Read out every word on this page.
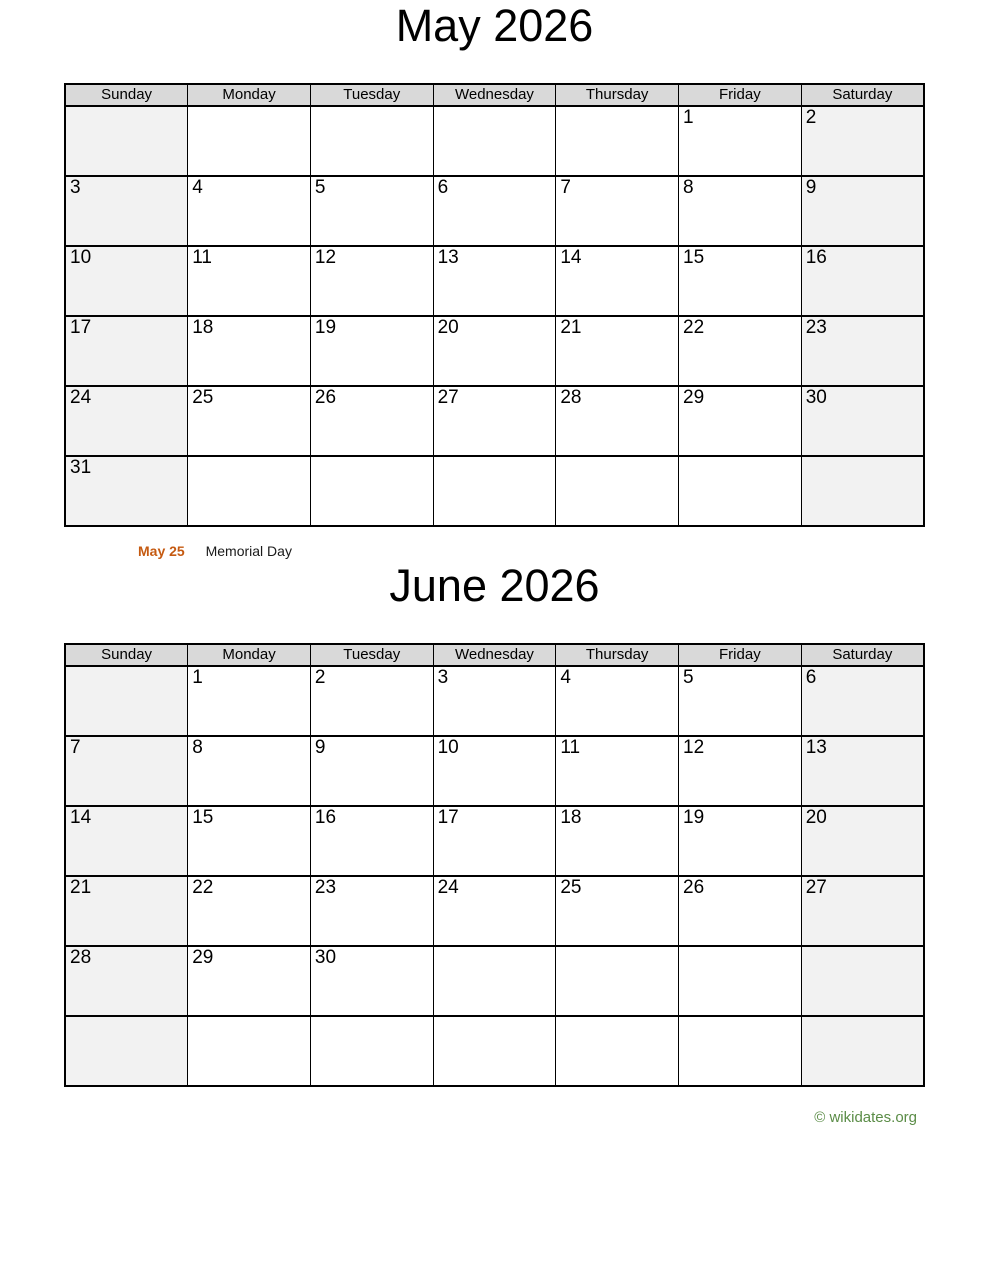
May 2026
Sunday	Monday	Tuesday	Wednesday	Thursday	Friday	Saturday
					1	2
3	4	5	6	7	8	9
10	11	12	13	14	15	16
17	18	19	20	21	22	23
24	25	26	27	28	29	30
31						

May 25 Memorial Day

June 2026
Sunday	Monday	Tuesday	Wednesday	Thursday	Friday	Saturday
	1	2	3	4	5	6
7	8	9	10	11	12	13
14	15	16	17	18	19	20
21	22	23	24	25	26	27
28	29	30				

© wikidates.org
